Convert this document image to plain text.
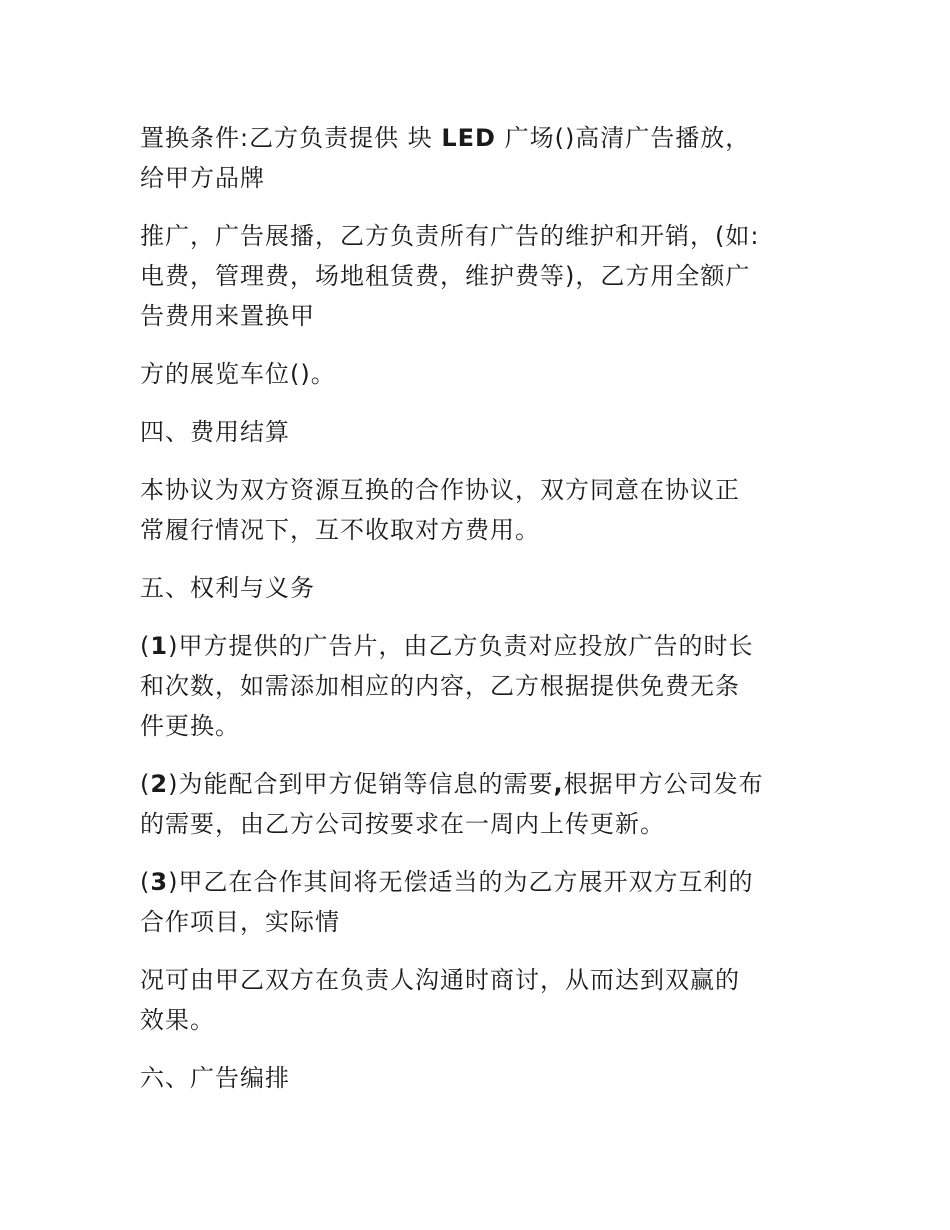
置换条件:乙方负责提供 块 LED 广场()高清广告播放，
给甲方品牌

推广，广告展播，乙方负责所有广告的维护和开销，(如:
电费，管理费，场地租赁费，维护费等)，乙方用全额广
告费用来置换甲

方的展览车位()。

四、费用结算

本协议为双方资源互换的合作协议，双方同意在协议正
常履行情况下，互不收取对方费用。

五、权利与义务

(1)甲方提供的广告片，由乙方负责对应投放广告的时长
和次数，如需添加相应的内容，乙方根据提供免费无条
件更换。

(2)为能配合到甲方促销等信息的需要,根据甲方公司发布
的需要，由乙方公司按要求在一周内上传更新。

(3)甲乙在合作其间将无偿适当的为乙方展开双方互利的
合作项目，实际情

况可由甲乙双方在负责人沟通时商讨，从而达到双赢的
效果。

六、广告编排
